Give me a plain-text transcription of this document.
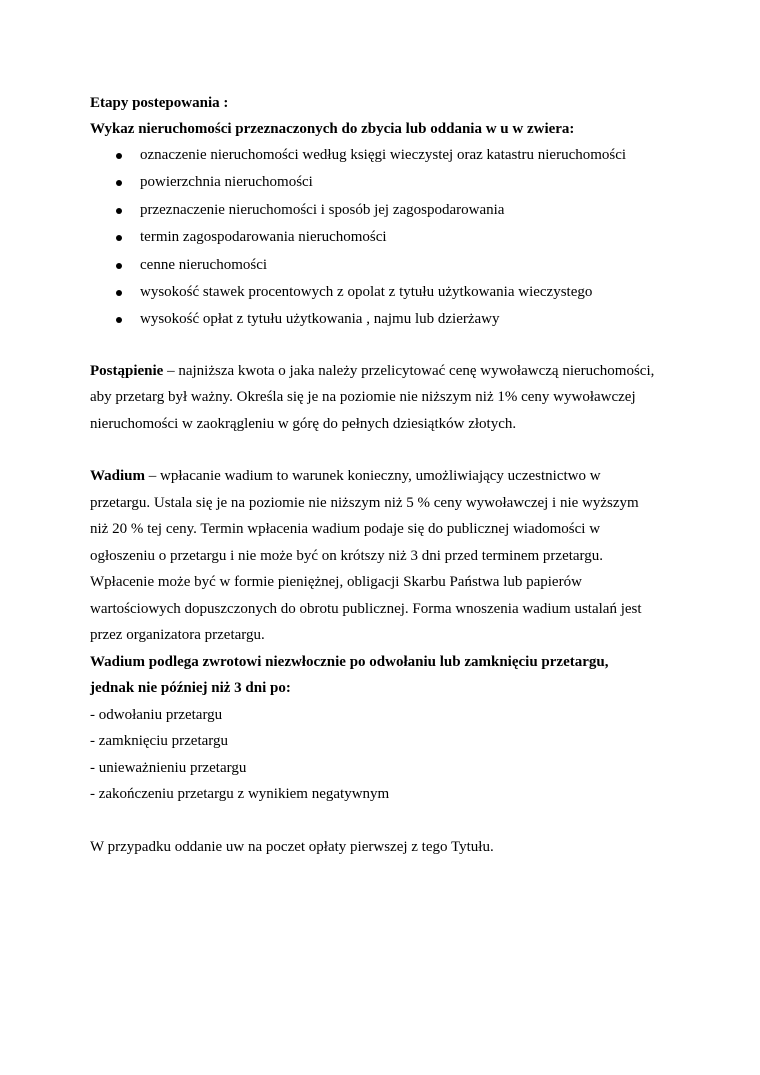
Etapy postepowania :
Wykaz nieruchomości przeznaczonych do zbycia lub oddania w u w zwiera:
oznaczenie nieruchomości według księgi wieczystej oraz katastru nieruchomości
powierzchnia nieruchomości
przeznaczenie nieruchomości i sposób jej zagospodarowania
termin zagospodarowania nieruchomości
cenne nieruchomości
wysokość stawek procentowych z opolat z tytułu użytkowania wieczystego
wysokość opłat z tytułu użytkowania , najmu lub dzierżawy
Postąpienie – najniższa kwota o jaka należy przelicytować cenę wywoławczą nieruchomości,
aby przetarg był ważny. Określa się je na poziomie nie niższym niż 1% ceny wywoławczej
nieruchomości w zaokrągleniu w górę do pełnych dziesiątków złotych.
Wadium – wpłacanie wadium to warunek konieczny, umożliwiający uczestnictwo w
przetargu. Ustala się je na poziomie nie niższym niż 5 % ceny wywoławczej i nie wyższym
niż 20 % tej ceny. Termin wpłacenia wadium podaje się do publicznej wiadomości w
ogłoszeniu o przetargu i nie może być on krótszy niż 3 dni przed terminem przetargu.
Wpłacenie może być w formie pieniężnej, obligacji Skarbu Państwa lub papierów
wartościowych dopuszczonych do obrotu publicznej. Forma wnoszenia wadium ustalań jest
przez organizatora przetargu.
Wadium podlega zwrotowi niezwłocznie po odwołaniu lub zamknięciu przetargu,
jednak nie później niż 3 dni po:
- odwołaniu przetargu
- zamknięciu przetargu
- unieważnieniu przetargu
- zakończeniu przetargu z wynikiem negatywnym
W przypadku oddanie uw na poczet opłaty pierwszej z tego Tytułu.
